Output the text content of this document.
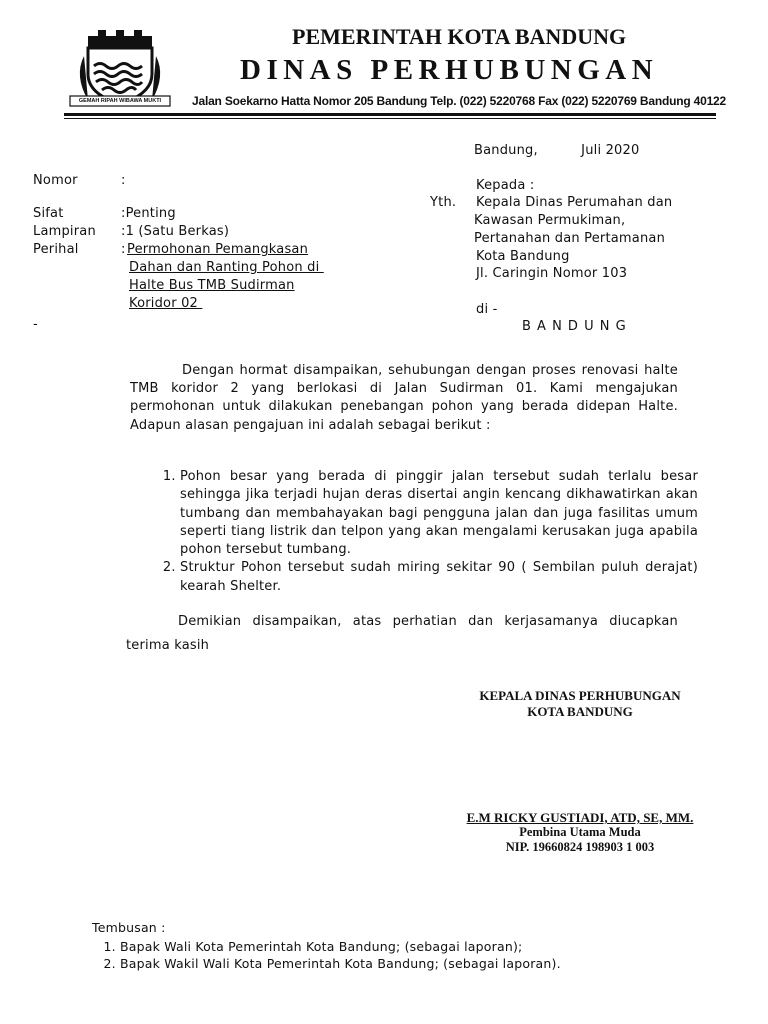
GEMAH RIPAH WIBAWA MUKTI
PEMERINTAH KOTA BANDUNG
DINAS PERHUBUNGAN
Jalan Soekarno Hatta Nomor 205 Bandung Telp. (022) 5220768 Fax (022) 5220769 Bandung 40122
Bandung,          Juli 2020
Nomor	:
Sifat	:Penting
Lampiran :1 (Satu Berkas)
Perihal	: Permohonan Pemangkasan
Dahan dan Ranting Pohon di
Halte Bus TMB Sudirman
Koridor 02
-
Kepada :
Yth. Kepala Dinas Perumahan dan
Kawasan Permukiman,
Pertanahan dan Pertamanan
Kota Bandung
Jl. Caringin Nomor 103
di -
B A N D U N G
Dengan hormat disampaikan, sehubungan dengan proses renovasi halte TMB koridor 2 yang berlokasi di Jalan Sudirman 01. Kami mengajukan permohonan untuk dilakukan penebangan pohon yang berada didepan Halte. Adapun alasan pengajuan ini adalah sebagai berikut :
1. Pohon besar yang berada di pinggir jalan tersebut sudah terlalu besar sehingga jika terjadi hujan deras disertai angin kencang dikhawatirkan akan tumbang dan membahayakan bagi pengguna jalan dan juga fasilitas umum seperti tiang listrik dan telpon yang akan mengalami kerusakan juga apabila pohon tersebut tumbang.
2. Struktur Pohon tersebut sudah miring sekitar 90 ( Sembilan puluh derajat) kearah Shelter.
Demikian disampaikan, atas perhatian dan kerjasamanya diucapkan terima kasih
KEPALA DINAS PERHUBUNGAN
KOTA BANDUNG
E.M RICKY GUSTIADI, ATD, SE, MM.
Pembina Utama Muda
NIP. 19660824 198903 1 003
Tembusan :
1. Bapak Wali Kota Pemerintah Kota Bandung; (sebagai laporan);
2. Bapak Wakil Wali Kota Pemerintah Kota Bandung; (sebagai laporan).
